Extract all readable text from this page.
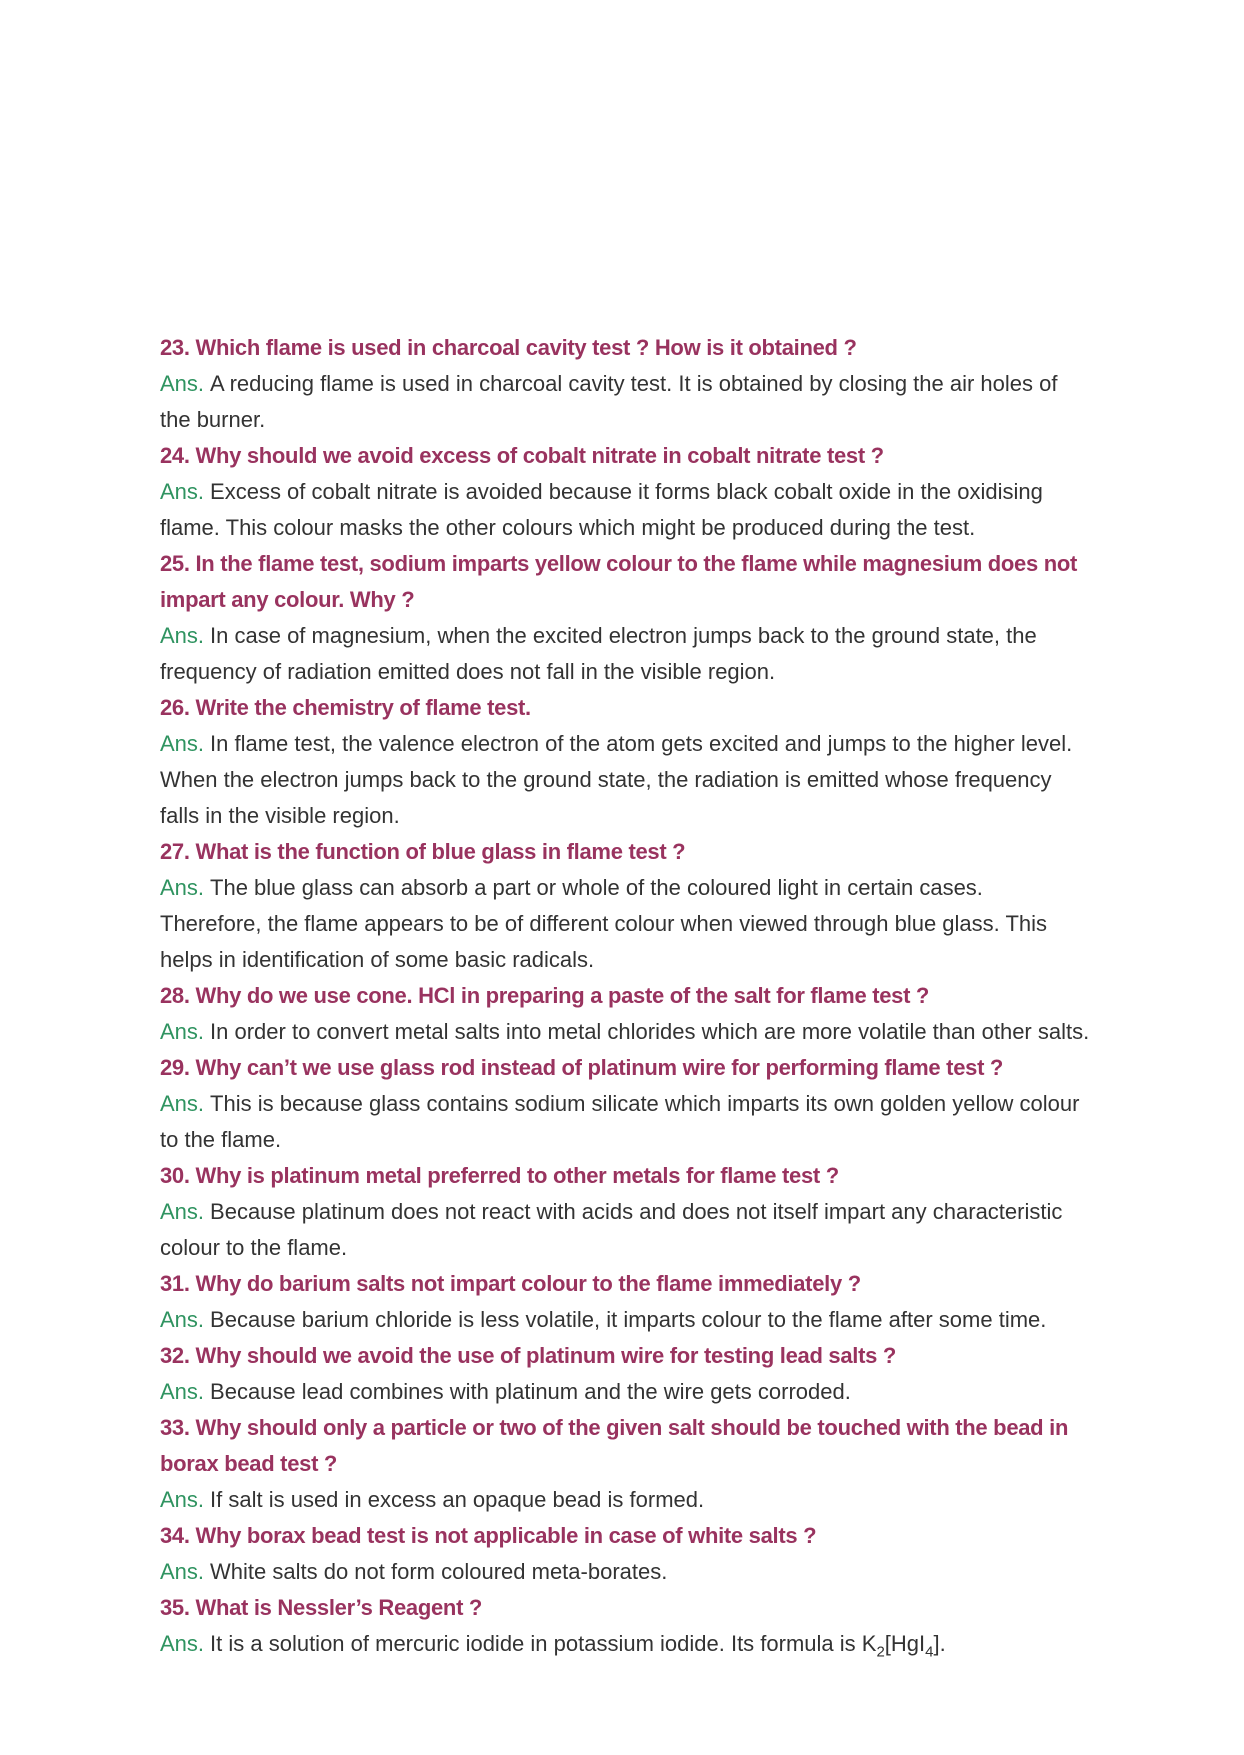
23. Which flame is used in charcoal cavity test ? How is it obtained ?
Ans. A reducing flame is used in charcoal cavity test. It is obtained by closing the air holes of the burner.
24. Why should we avoid excess of cobalt nitrate in cobalt nitrate test ?
Ans. Excess of cobalt nitrate is avoided because it forms black cobalt oxide in the oxidising flame. This colour masks the other colours which might be produced during the test.
25. In the flame test, sodium imparts yellow colour to the flame while magnesium does not impart any colour. Why ?
Ans. In case of magnesium, when the excited electron jumps back to the ground state, the frequency of radiation emitted does not fall in the visible region.
26. Write the chemistry of flame test.
Ans. In flame test, the valence electron of the atom gets excited and jumps to the higher level. When the electron jumps back to the ground state, the radiation is emitted whose frequency falls in the visible region.
27. What is the function of blue glass in flame test ?
Ans. The blue glass can absorb a part or whole of the coloured light in certain cases. Therefore, the flame appears to be of different colour when viewed through blue glass. This helps in identification of some basic radicals.
28. Why do we use cone. HCl in preparing a paste of the salt for flame test ?
Ans. In order to convert metal salts into metal chlorides which are more volatile than other salts.
29. Why can’t we use glass rod instead of platinum wire for performing flame test ?
Ans. This is because glass contains sodium silicate which imparts its own golden yellow colour to the flame.
30. Why is platinum metal preferred to other metals for flame test ?
Ans. Because platinum does not react with acids and does not itself impart any characteristic colour to the flame.
31. Why do barium salts not impart colour to the flame immediately ?
Ans. Because barium chloride is less volatile, it imparts colour to the flame after some time.
32. Why should we avoid the use of platinum wire for testing lead salts ?
Ans. Because lead combines with platinum and the wire gets corroded.
33. Why should only a particle or two of the given salt should be touched with the bead in borax bead test ?
Ans. If salt is used in excess an opaque bead is formed.
34. Why borax bead test is not applicable in case of white salts ?
Ans. White salts do not form coloured meta-borates.
35. What is Nessler’s Reagent ?
Ans. It is a solution of mercuric iodide in potassium iodide. Its formula is $K_2[HgI_4]$.
